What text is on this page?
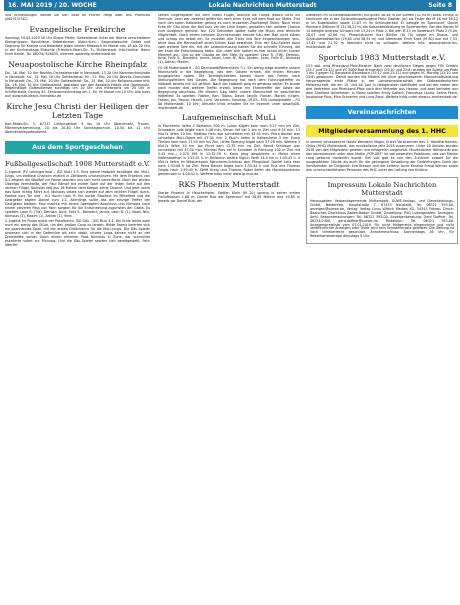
16. MAI 2019 / 20. WOCHE	Lokale Nachrichten Mutterstadt	Seite 8

und Anmeldungen wende sie sich bitte an Pfarrer Hergl oder ans Pfarrbüro (06231/5742).

Evangelische Freikirche

Sonntag, 19.05.2019 10 Uhr Shape Pforte, Gottesdienst Unter der Woche verschiedene Kleingruppen: Hauskreise, Gebetskreise, Alpha-Kurs... Segensbesuche: Gebet und Segnung für Kranke und Belastete jeden letzten Mittwoch im Monat von 18 bis 20 Uhr in der Kirchenetage Rütschle (Friedrich-Ebert-Str. 3), Mutterstadt. Info-Hotline: Heinz Erich Bartel, Tel. 06234/ 928035, Internet: www.efg-mutterstadt.de

Neuapostolische Kirche Rheinpfalz

Do., 16. Mai, 10 Uhr Bezirks-Orchesterprobe in Neustadt, 13.30 Uhr Kammerchorprobe in Neustadt; So., 19. Mai, 10 Uhr Gottesdienst; Mi., 22. Mai, 20 Uhr Bezirks-Chorprobe in Neustadt; Do., 23. Mai, 20 Uhr Gottesdienst; Sa., 25. Mai, 10 Uhr Religionsunterricht; So., 26. Mai, 10 Uhr Gottesdienst, gestalten von den Apostein Haeck und Opelenpolz. Regelmäßige Gottesdienste sonntags um 10 Uhr und mittwochs um 20 Uhr in Schifferstadt, Ostring 67. Seniorennachmittag am 1. Mi. im Monat um 15 Uhr. Alle Infos auf: www.nak-bezirk-rheinpfalz.de

Kirche Jesu Christi der Heiligen der Letzten Tage

Karl-Räder-Str. 5, 67117 Limburgerhof: 9 bis 10 Uhr Abendmahl, Frauen, Männerversammlung, 10 bis 10.40 Uhr Sonntagsschule, 10.50 bis 12 Uhr Abendmahlsgottesdienst.

Aus dem Sportgeschehen
Fußballgesellschaft 1908 Mutterstadt e.V.

C-Jugend: JFV Leiningerland – JSG MuLi 1:5. Eine ganze Halbzeit benötigte der MuLi-Jungs, um endlose Chancen endlich in Zählbares umzumünzen. Mit dem Ergebnis von 0:2 zeigten die Wodäpf zur Pause standen uns sich nicht vereinfacht. Nach der letzten Oberliga Vermittelte, der Paul Kämpf mit einem Spiel auf der linken Seite auf den rechten Flügel, Nicholas ließ aus 16 Metern dem Keeper keine Chance. Und jetzt nahm das Spiel richtig Fahrt auf. Nicholas setzte sich wieder auf dem rechten Flügel durch, flankte vors Tor und - 0:2 durch Leon R. Ein kurzer Blackout im Mittelfeld und die Gastgeber sagten Danke zum 1:2. Allerdings sollte das der einzige Treffer der Gastgeber bleiben. Max machte mit einem überlegten Abschluss und Nicholas nach einem cleveren Pass von Yann sorgten für die Entscheidung zugunsten der Gäste. Es spielten: Leon R. (TW), Demian, Arne, Felix S., Benedict, Jannis, Leon N. (1), Noah, Nils, Nicholas (2), Maxim (1), Adrian (1), Yann.

C-Jugend: Im Finale platzt der Pokaltraum. JSG Gäu – JSG MuLi 4:1. Am Ende fehlte wohl auch ein wenig das Glück, um den großen Coup zu landen. Beide Teams lieferten sich ein spannendes Spiel, mit der ersten Großchance für die MuLi-Jungs. Die Gäu-Spieler erwiesen sich in der Defensive als sehr stabil, unsere jungs kamen nicht an der Dreierkette vorbei. Nach einem eleveren Pass Nicholas in Zone, der schnellste eskalierte sofort zur Führung. Und die Gäu-Spieler setzten sich bereitgestellt, Felix überlief

seinen Gegenspieler auf dem linken Flügel, brachte die Flanke jedoch nicht ins Zentrum. Leon war zweimal gefährlich nach einer Ecke mit dem Kopf zur Stelle. Erst nach den tollen Halbzeiten gelang es nach eroberten Zweikampf Teilen. Nach einer Ecke für Gäu blieb der Ball kurz vor der Linie liegen, gestalten sich weitere Chance zum Ausgleich genutzt. Nur 120 Sekunden später hatte die MuLis eine ähnliche Möglichkeit. Nach einem heilosen Durcheinander konnte Gäu den Ball nicht klären und schoss ihn selbst ein. So mussten alle Tricks und Tore eingeschwungen sein, ohne dass die Mannschaft einen kühlen Kopf bewahrte. Eine der Gäu-Spieler dann zwei weitere Tore ein, mit der Lattenkreuzung hatten Sie die schnelle Führung, die am Ende die Entscheidung hatte. Alle unter sich hatten es hier schon einen kurzen Moment gut. Und so der Glaube an den Sieg. Es spielten: Leon R. (TW), Demian, Arne, Felix S., Benedict, Jannis, Noah, Leon N., Nils, Jayden, Leon, Felix B., Nicholas (1), Adrian, Maxim.

FG 08 Mutterstadt II – SG Dannstadt/Rödersheim 7:1. Ein wenig träge startete unsere Mannschaft in die Begegnung, das den Gästen erhielt, die ersten Minuten ausgeglichen halten. Die Tormöglichkeiten kamen durch das Fehlen nach Stellungsfehlern des Gastes. Die Begegnung hat nach dem Führungstreffer zu Halbzeit bereits mit 4:0 geführt. Nach der Halbzeit ging es genauso weiter. Es wurde noch munter drei weitere Treffer erzielt, bevor ein Ehrentreffer der Gäste die Begegnung abschloss. Mit diesem Sieg steht unsere Mannschaft im gesicherten Mittelfeld. Es spielten: Fabian, Ron, Tobias, David, Jannik, Florian, Marcel, Jürgen, Fabian, Jan, Pascal, Henrik, Luca. Vorschau: Sonntag, 19.05., ESV Ludwigshafen – FG 08 Mutterstadt, 10 Uhr; Aktuelle Infos erhalten Sie im Internet unter www.fg08-mutterstadt.de

Laufgemeinschaft MuLi

In Mannheim liefen 2 Bambinis 500 m. Lukas Kügler kam nach 3:27 min ins Ziel, Schwester Julia folgte nach 5:46 min. Simon lief bei 2 km in Ziel und 9:34 min. 13 MuLi's liefen 10 km. Mathias Hein war schnellster mit 41:45 min. Petra Becker war schnellste MuLi-Dame mit 47:34 min. 2 MuLi's liefen in Hattersheim 5 km. Frank Theilen kam nach 21:55 min ins Ziel, Ulrike Opening folgte nach 27:28 min. Weitere 3 MuLi's liefen 10 km. Jan Ehret kam 12:35 min ins Ziel. Bernd Schlosser war schnellster mit 47:30 min. Michael Ries lief in Schotten in Richtung 100 m Ziel mit 5:43 min.; 2,570 HM in 12:32:39 h. Karin Jeng absolvierte in Mainz einen Halbmarathon in 1:55:41 h. In Heilbronn walkte Sigrun Veith 14,4 km in 1:55:43 h. 4 MuLi's liefen im Wildparkpark Mannheim-Schönau den Pfingstlauf. Daniel Leitz kam nach 1:53:08 h ins Ziel. Petra Becker folgte nach 1:55:44 h und Tina und Thomas Geigle nach 1:59:45 h. Steffi Kreig und Thomas Robel liefen die Marathonstrecke gemeinsam in 4:20:52 h. Weitere Infos unter www.lg-muli.de

RKS Phoenix Mutterstadt

Starke Phoenix in Heuchelheim: Steffen Klein (M 20) sprang in seiner ersten Freiluftsaison 1,88 m, Daniel Bub der Speerwurf mit 28,85 Metern und 19,85 m Jeweils vor Daniel Bub, der

wiederum im Schleuderballwerfen mit guten 56,48 m vor Steffen (52,94 m) blieb. Erneut in Hochform die in der Schleudersportjugend Pfalz: Bastian (m) als Erster der M 16 mit 16,12 m im Kugelstoßen sowie 11,67 m im Schleuderball. Er belegte im Speerwurf, Daniel Reinhard (Männer M 15) 38,21 m, die Saisonbestleistung im Speerwerfen. Bei den Herren M 14 belegte Andreas Schwarz mit 13,24 m Platz 2. Bei den M 15 im Speerwurf: Platz 2 (9,09; 28,07 und 42,66 m). Pheonixtrainer Kurt Böttler (M 70) siegte im Diskus- und Schleuderballwerfen (29,65 und 36,91 m) und Altmeister Erich Kreit (M 80) war mit 7,53, 17,42 und 21,70 m ebenfalls nicht zu schlagen. Weitere Info: www.phoenix-rks-mutterstadt.de

Sportclub 1983 Mutterstadt e.V.

U13 wbl. wird Rheinland-Pfalz-Meister: Nach zwei deutlichen Siegen gegen FSV Dreibin (25:7 und 25:11) und VC 2000 Bad Kreuznach (25:10 und 25:8) wurden die Spiele um Platz 1 bis 3 gegen SC Ransbach-Baumbach (25:17 und 25:11) und gegen VC Mendig (25:10 und 25:6) gewonnen. Damit wurden die Mädels mit einer geschlossenen Mannschaftsleistung hervorragende erste Plätze in der Landesmeisterschaft der Südwestdeutschen Meisterschaft, die am 15. und 16. Juni in Heiligenstein stattfindet und bei der neben den drei Vertretern aus Rheinland-Pfalz noch drei Vertreter aus Hessen und zwei Vertreter aus dem Saarland teilnehmen. In Mainz spielten Emily Gallant, Francesca Lauria, Selina Petca, Jacqueline Paus, Mira Schramm und Luna Zapp. Weitere Infos unter www.sc-mutterstadt.de

Vereinsnachrichten
Mitgliederversammlung des 1. HHC

In seinem Jahresbericht fasste Wendelin Magin, Erster Vorsitzender des 1. Handharmonika-Clubs (HHC) Mutterstadt, das musikalische Jahr 2018 zusammen. Unter 20 Aktiven wurden 2018 von den Mitgliedern gelesen und erfolgreich umgesetzt. Musikalischer Höhepunkt war das Jahreskonzert unter dem Motto „POP-ART“ im voll besetzten Palatinum, das von Marion Lang gekonnt moderiert wurde. Viel Lob gab es von den Zuhörern sowohl für die ausgewählten Stücke als auch für die gelungene Gestaltung der Darbietungen. Dank der Vorsitzenden an Dirigentin Eva Bressie und der Leiterin Anne Kristina Franzl-Werner sowie den unterschiedlichsten Personen des HHC unter der Leitung von Kristina

Impressum Lokale Nachrichten Mutterstadt

Herausgeber: Verbandsgemeinde Mutterstadt, SÜWE-Verlags- und Dienstleistungs-GmbH, Neidenfels, Hauptstraße 7, 67433 Neustadt, Tel. 06321 393-00, anzeigen@suewe.de, Verlag: Verlag Linus Wittich Medien KG, 54343 Föhren. Druck: Badisches Druckhaus Baden-Baden GmbH, Zustellung: PVG Ludwigshafen. Anzeigen: Amtl. Bekanntmachungen: Tel. 06321 393-00. Anzeigenberatung: Gerd Daffner, Tel. 06234/2400, gerd.daffner@suewe.de. Redaktion: Tel. 06321 393-00. Anzeigenpreisliste vom 01.01.2019. Für nicht fristgerecht eingereichte und nicht veröffentlichte Anzeigen oder Texte wird kein Schadenersatz geleistet. Die Zeitung ist nach Urheberrecht geschützt. Annahmeschluss: Donnerstags 16 Uhr, für Redaktionsbeiträge dienstags 9 Uhr.
